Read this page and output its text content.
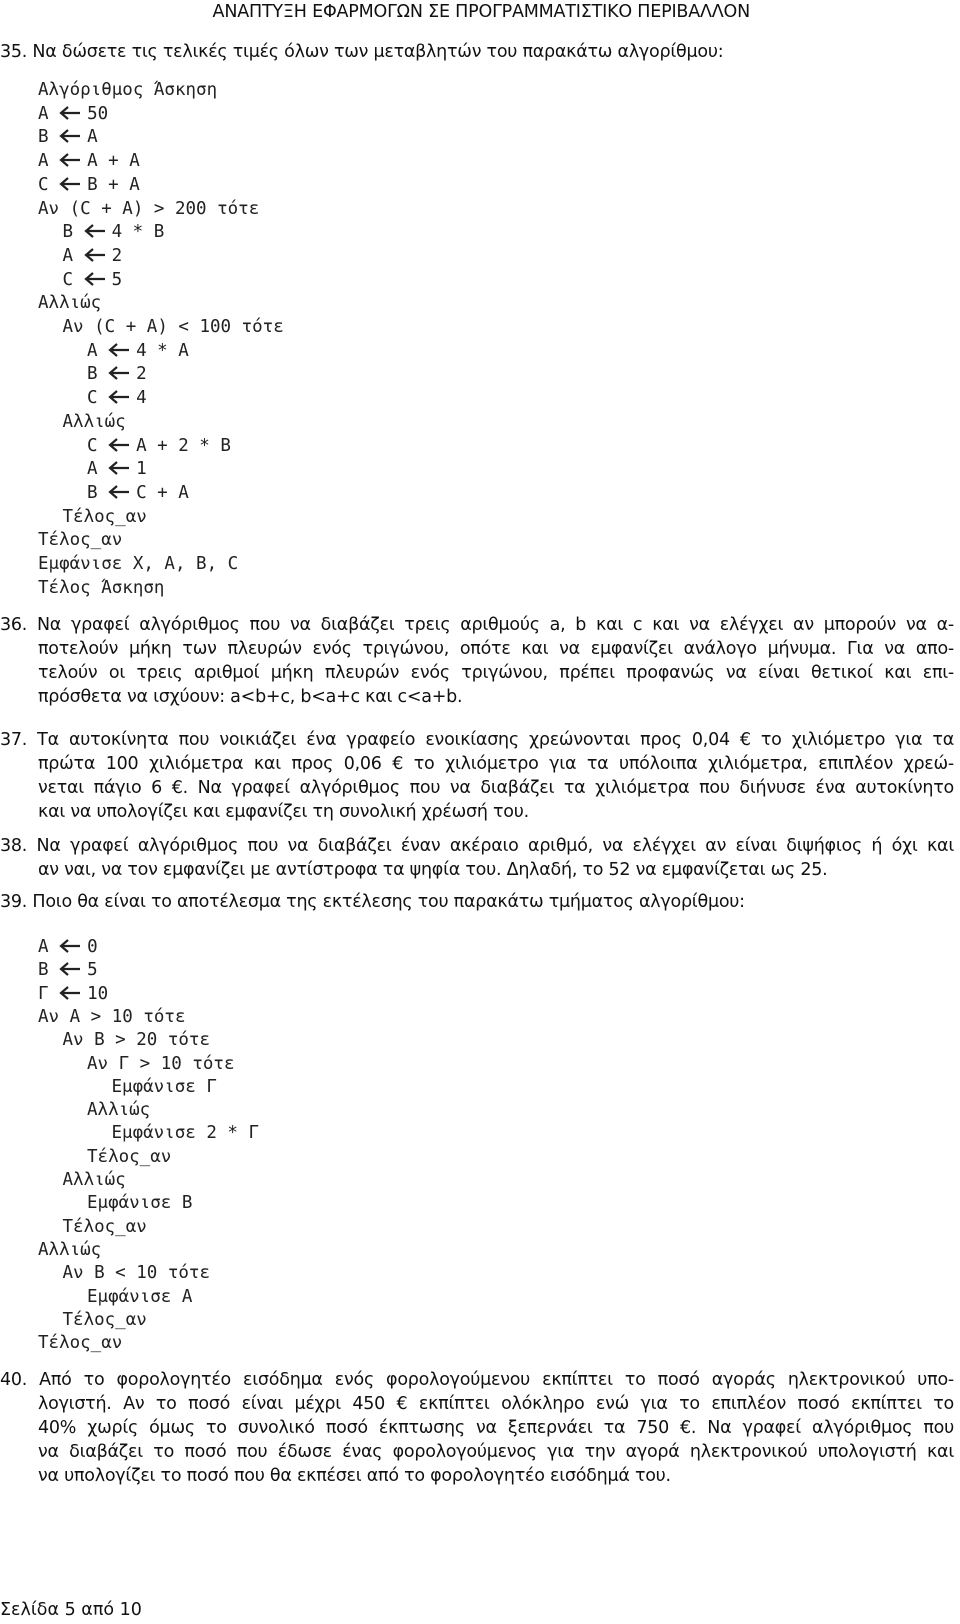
ΑΝΑΠΤΥΞΗ ΕΦΑΡΜΟΓΩΝ ΣΕ ΠΡΟΓΡΑΜΜΑΤΙΣΤΙΚΟ ΠΕΡΙΒΑΛΛΟΝ
35. Να δώσετε τις τελικές τιμές όλων των μεταβλητών του παρακάτω αλγορίθμου:
Αλγόριθμος Άσκηση
A 50
B A
A A + A
C B + A
Αν (C + A) > 200 τότε
B 4 * B
A 2
C 5
Αλλιώς
Αν (C + A) < 100 τότε
A 4 * A
B 2
C 4
Αλλιώς
C A + 2 * B
A 1
B C + A
Τέλος_αν
Τέλος_αν
Εμφάνισε X, A, B, C
Τέλος Άσκηση
36. Να γραφεί αλγόριθμος που να διαβάζει τρεις αριθμούς a, b και c και να ελέγχει αν μπορούν να α-
ποτελούν μήκη των πλευρών ενός τριγώνου, οπότε και να εμφανίζει ανάλογο μήνυμα. Για να απο-
τελούν οι τρεις αριθμοί μήκη πλευρών ενός τριγώνου, πρέπει προφανώς να είναι θετικοί και επι-
πρόσθετα να ισχύουν: a<b+c, b<a+c και c<a+b.
37. Τα αυτοκίνητα που νοικιάζει ένα γραφείο ενοικίασης χρεώνονται προς 0,04 € το χιλιόμετρο για τα
πρώτα 100 χιλιόμετρα και προς 0,06 € το χιλιόμετρο για τα υπόλοιπα χιλιόμετρα, επιπλέον χρεώ-
νεται πάγιο 6 €. Να γραφεί αλγόριθμος που να διαβάζει τα χιλιόμετρα που διήνυσε ένα αυτοκίνητο
και να υπολογίζει και εμφανίζει τη συνολική χρέωσή του.
38. Να γραφεί αλγόριθμος που να διαβάζει έναν ακέραιο αριθμό, να ελέγχει αν είναι διψήφιος ή όχι και
αν ναι, να τον εμφανίζει με αντίστροφα τα ψηφία του. Δηλαδή, το 52 να εμφανίζεται ως 25.
39. Ποιο θα είναι το αποτέλεσμα της εκτέλεσης του παρακάτω τμήματος αλγορίθμου:
A 0
B 5
Γ 10
Αν A > 10 τότε
Αν B > 20 τότε
Αν Γ > 10 τότε
Εμφάνισε Γ
Αλλιώς
Εμφάνισε 2 * Γ
Τέλος_αν
Αλλιώς
Εμφάνισε B
Τέλος_αν
Αλλιώς
Αν B < 10 τότε
Εμφάνισε A
Τέλος_αν
Τέλος_αν
40. Από το φορολογητέο εισόδημα ενός φορολογούμενου εκπίπτει το ποσό αγοράς ηλεκτρονικού υπο-
λογιστή. Αν το ποσό είναι μέχρι 450 € εκπίπτει ολόκληρο ενώ για το επιπλέον ποσό εκπίπτει το
40% χωρίς όμως το συνολικό ποσό έκπτωσης να ξεπερνάει τα 750 €. Να γραφεί αλγόριθμος που
να διαβάζει το ποσό που έδωσε ένας φορολογούμενος για την αγορά ηλεκτρονικού υπολογιστή και
να υπολογίζει το ποσό που θα εκπέσει από το φορολογητέο εισόδημά του.
Σελίδα 5 από 10
